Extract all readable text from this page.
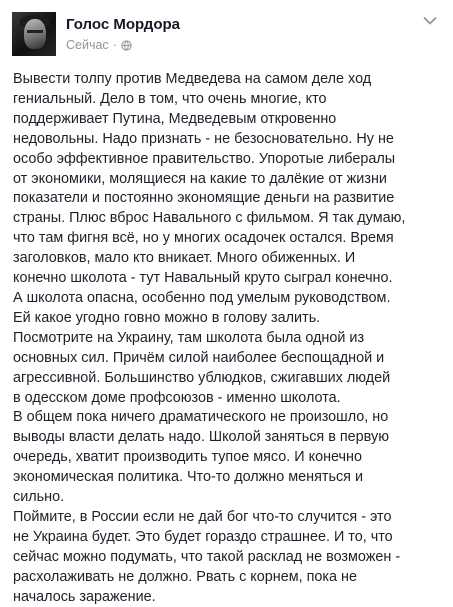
Голос Мордора
Сейчас ·

Вывести толпу против Медведева на самом деле ход
гениальный. Дело в том, что очень многие, кто
поддерживает Путина, Медведевым откровенно
недовольны. Надо признать - не безосновательно. Ну не
особо эффективное правительство. Упоротые либералы
от экономики, молящиеся на какие то далёкие от жизни
показатели и постоянно экономящие деньги на развитие
страны. Плюс вброс Навального с фильмом. Я так думаю,
что там фигня всё, но у многих осадочек остался. Время
заголовков, мало кто вникает. Много обиженных. И
конечно школота - тут Навальный круто сыграл конечно.
А школота опасна, особенно под умелым руководством.
Ей какое угодно говно можно в голову залить.
Посмотрите на Украину, там школота была одной из
основных сил. Причём силой наиболее беспощадной и
агрессивной. Большинство ублюдков, сжигавших людей
в одесском доме профсоюзов - именно школота.
В общем пока ничего драматического не произошло, но
выводы власти делать надо. Школой заняться в первую
очередь, хватит производить тупое мясо. И конечно
экономическая политика. Что-то должно меняться и
сильно.
Поймите, в России если не дай бог что-то случится - это
не Украина будет. Это будет гораздо страшнее. И то, что
сейчас можно подумать, что такой расклад не возможен -
расхолаживать не должно. Рвать с корнем, пока не
началось заражение.
